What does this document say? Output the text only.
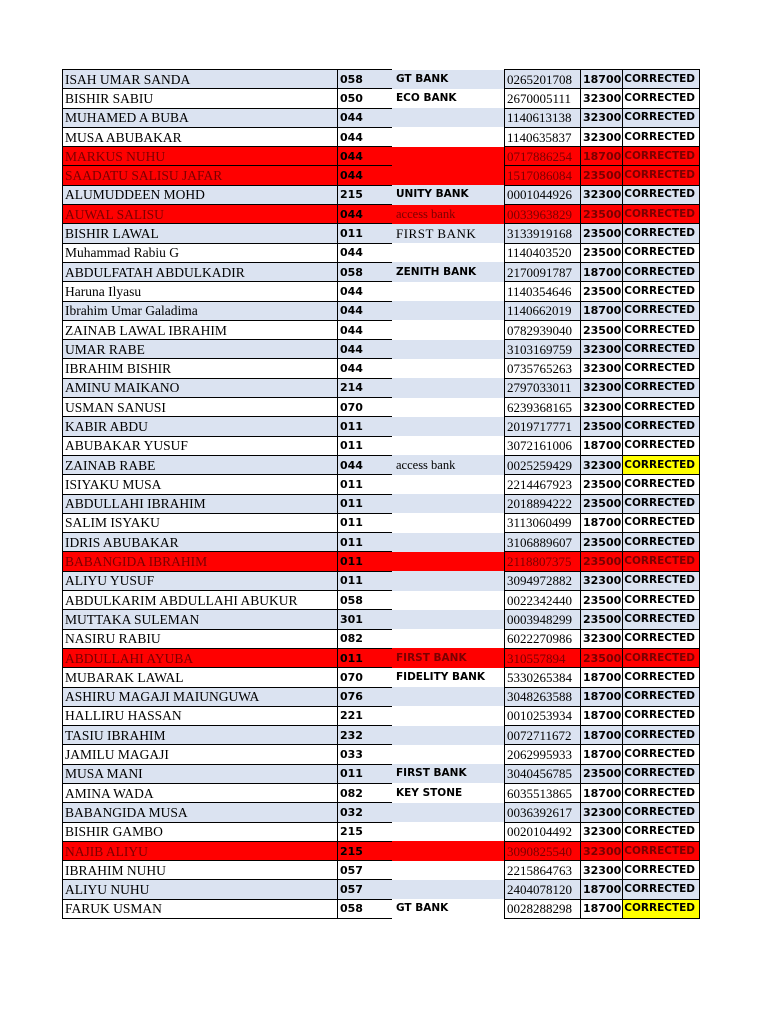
ISAH UMAR SANDA	058	GT BANK	0265201708	18700	CORRECTED
BISHIR SABIU	050	ECO BANK	2670005111	32300	CORRECTED
MUHAMED A BUBA	044		1140613138	32300	CORRECTED
MUSA ABUBAKAR	044		1140635837	32300	CORRECTED
MARKUS NUHU	044		0717886254	18700	CORRECTED
SAADATU SALISU JAFAR	044		1517086084	23500	CORRECTED
ALUMUDDEEN MOHD	215	UNITY BANK	0001044926	32300	CORRECTED
AUWAL SALISU	044	access bank	0033963829	23500	CORRECTED
BISHIR LAWAL	011	FIRST BANK	3133919168	23500	CORRECTED
Muhammad Rabiu G	044		1140403520	23500	CORRECTED
ABDULFATAH ABDULKADIR	058	ZENITH BANK	2170091787	18700	CORRECTED
Haruna Ilyasu	044		1140354646	23500	CORRECTED
Ibrahim Umar Galadima	044		1140662019	18700	CORRECTED
ZAINAB LAWAL IBRAHIM	044		0782939040	23500	CORRECTED
UMAR RABE	044		3103169759	32300	CORRECTED
IBRAHIM BISHIR	044		0735765263	32300	CORRECTED
AMINU MAIKANO	214		2797033011	32300	CORRECTED
USMAN SANUSI	070		6239368165	32300	CORRECTED
KABIR ABDU	011		2019717771	23500	CORRECTED
ABUBAKAR YUSUF	011		3072161006	18700	CORRECTED
ZAINAB RABE	044	access bank	0025259429	32300	CORRECTED
ISIYAKU MUSA	011		2214467923	23500	CORRECTED
ABDULLAHI IBRAHIM	011		2018894222	23500	CORRECTED
SALIM ISYAKU	011		3113060499	18700	CORRECTED
IDRIS ABUBAKAR	011		3106889607	23500	CORRECTED
BABANGIDA IBRAHIM	011		2118807375	23500	CORRECTED
ALIYU YUSUF	011		3094972882	32300	CORRECTED
ABDULKARIM ABDULLAHI ABUKUR	058		0022342440	23500	CORRECTED
MUTTAKA SULEMAN	301		0003948299	23500	CORRECTED
NASIRU RABIU	082		6022270986	32300	CORRECTED
ABDULLAHI AYUBA	011	FIRST BANK	310557894	23500	CORRECTED
MUBARAK LAWAL	070	FIDELITY BANK	5330265384	18700	CORRECTED
ASHIRU MAGAJI MAIUNGUWA	076		3048263588	18700	CORRECTED
HALLIRU HASSAN	221		0010253934	18700	CORRECTED
TASIU IBRAHIM	232		0072711672	18700	CORRECTED
JAMILU MAGAJI	033		2062995933	18700	CORRECTED
MUSA MANI	011	FIRST BANK	3040456785	23500	CORRECTED
AMINA WADA	082	KEY STONE	6035513865	18700	CORRECTED
BABANGIDA MUSA	032		0036392617	32300	CORRECTED
BISHIR GAMBO	215		0020104492	32300	CORRECTED
NAJIB ALIYU	215		3090825540	32300	CORRECTED
IBRAHIM NUHU	057		2215864763	32300	CORRECTED
ALIYU NUHU	057		2404078120	18700	CORRECTED
FARUK USMAN	058	GT BANK	0028288298	18700	CORRECTED
